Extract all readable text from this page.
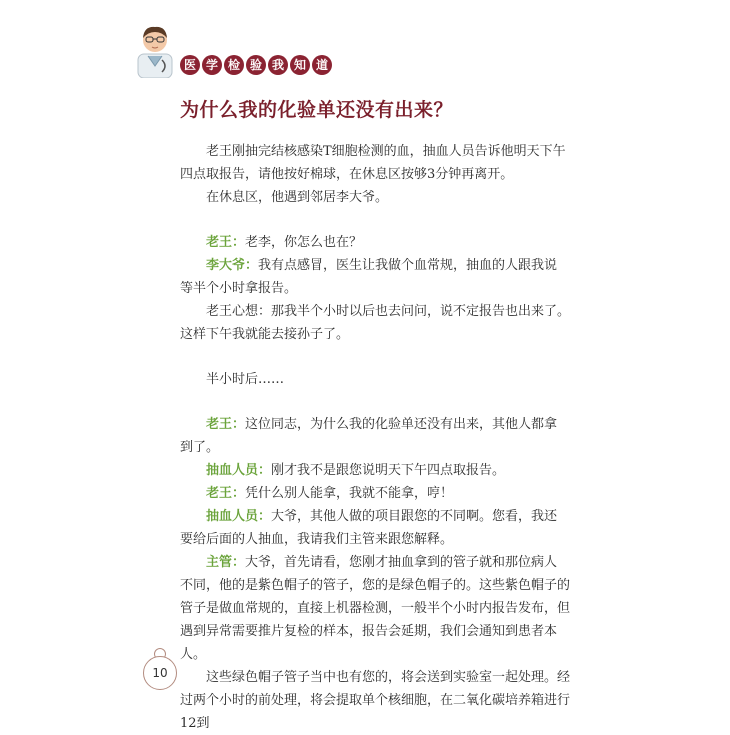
医 学 检 验 我 知 道
为什么我的化验单还没有出来？

老王刚抽完结核感染T细胞检测的血，抽血人员告诉他明天下午四点取报告，请他按好棉球，在休息区按够3分钟再离开。

在休息区，他遇到邻居李大爷。

老王：老李，你怎么也在？

李大爷：我有点感冒，医生让我做个血常规，抽血的人跟我说等半个小时拿报告。

老王心想：那我半个小时以后也去问问，说不定报告也出来了。这样下午我就能去接孙子了。

半小时后……

老王：这位同志，为什么我的化验单还没有出来，其他人都拿到了。

抽血人员：刚才我不是跟您说明天下午四点取报告。

老王：凭什么别人能拿，我就不能拿，哼！

抽血人员：大爷，其他人做的项目跟您的不同啊。您看，我还要给后面的人抽血，我请我们主管来跟您解释。

主管：大爷，首先请看，您刚才抽血拿到的管子就和那位病人不同，他的是紫色帽子的管子，您的是绿色帽子的。这些紫色帽子的管子是做血常规的，直接上机器检测，一般半个小时内报告发布，但遇到异常需要推片复检的样本，报告会延期，我们会通知到患者本人。

这些绿色帽子管子当中也有您的，将会送到实验室一起处理。经过两个小时的前处理，将会提取单个核细胞，在二氧化碳培养箱进行12到

10
